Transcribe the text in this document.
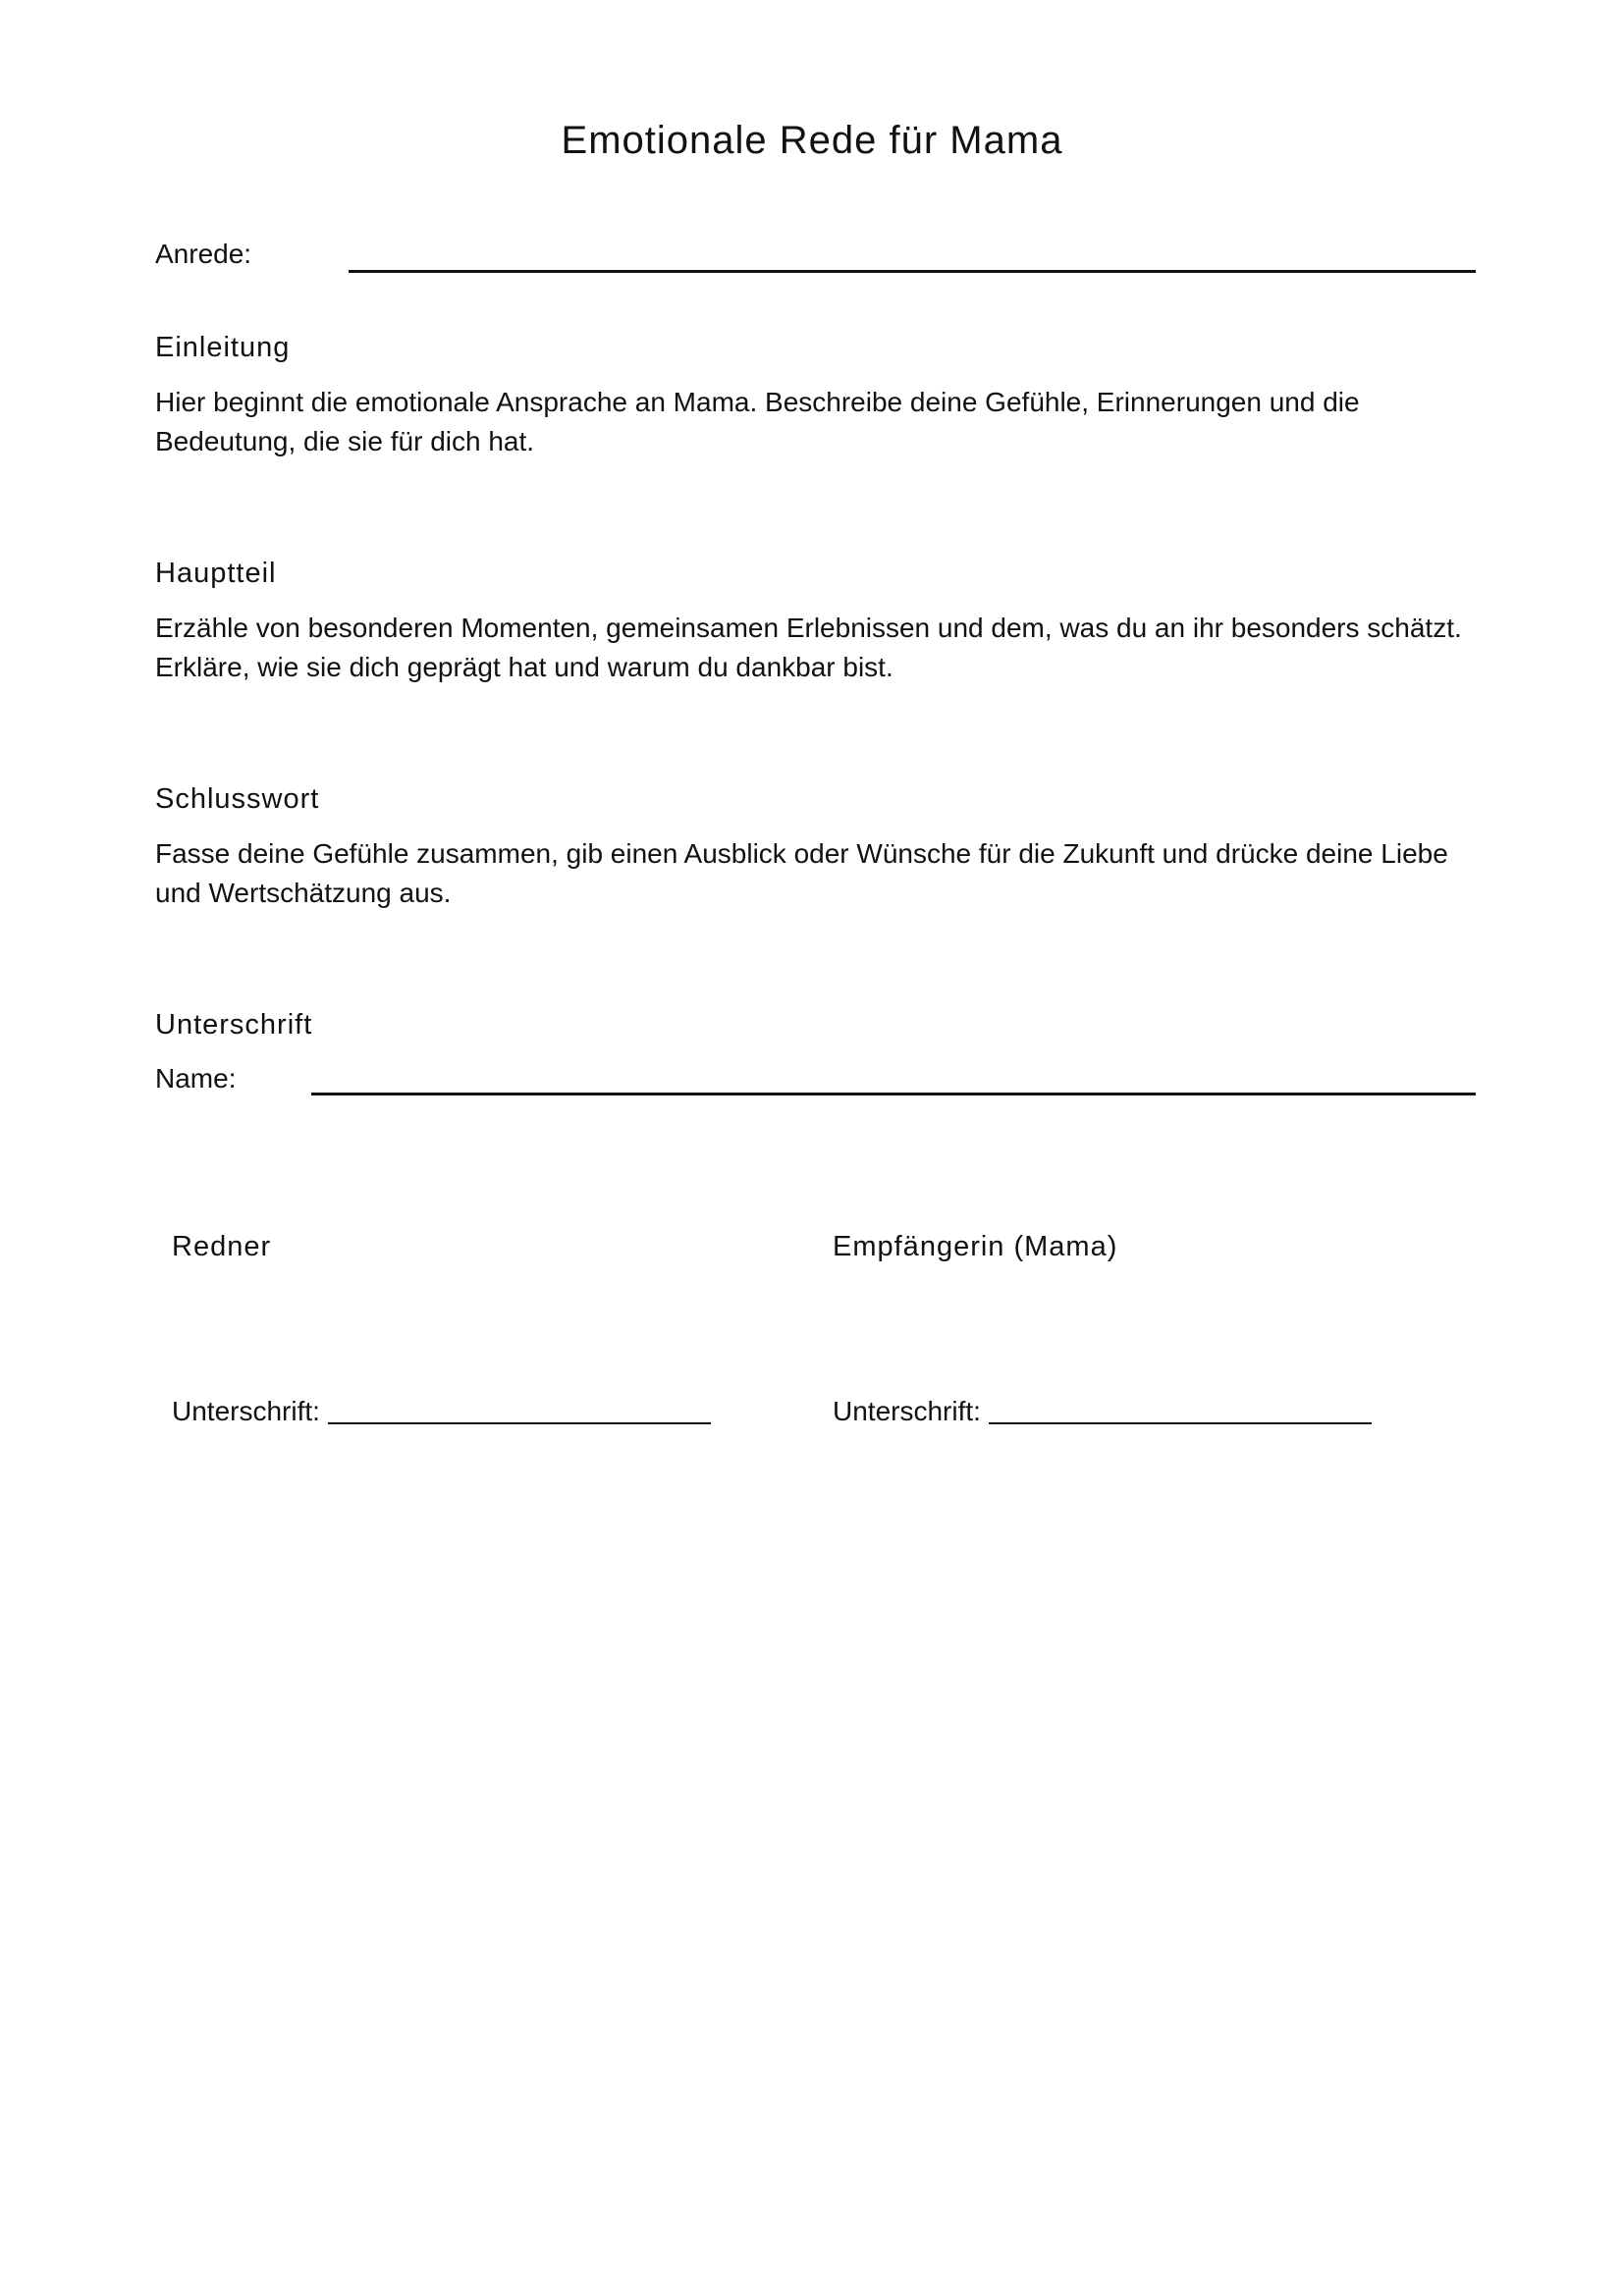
Emotionale Rede für Mama
Anrede:
Einleitung
Hier beginnt die emotionale Ansprache an Mama. Beschreibe deine Gefühle, Erinnerungen und die Bedeutung, die sie für dich hat.
Hauptteil
Erzähle von besonderen Momenten, gemeinsamen Erlebnissen und dem, was du an ihr besonders schätzt. Erkläre, wie sie dich geprägt hat und warum du dankbar bist.
Schlusswort
Fasse deine Gefühle zusammen, gib einen Ausblick oder Wünsche für die Zukunft und drücke deine Liebe und Wertschätzung aus.
Unterschrift
Name:
Redner	Empfängerin (Mama)
Unterschrift:	Unterschrift:
